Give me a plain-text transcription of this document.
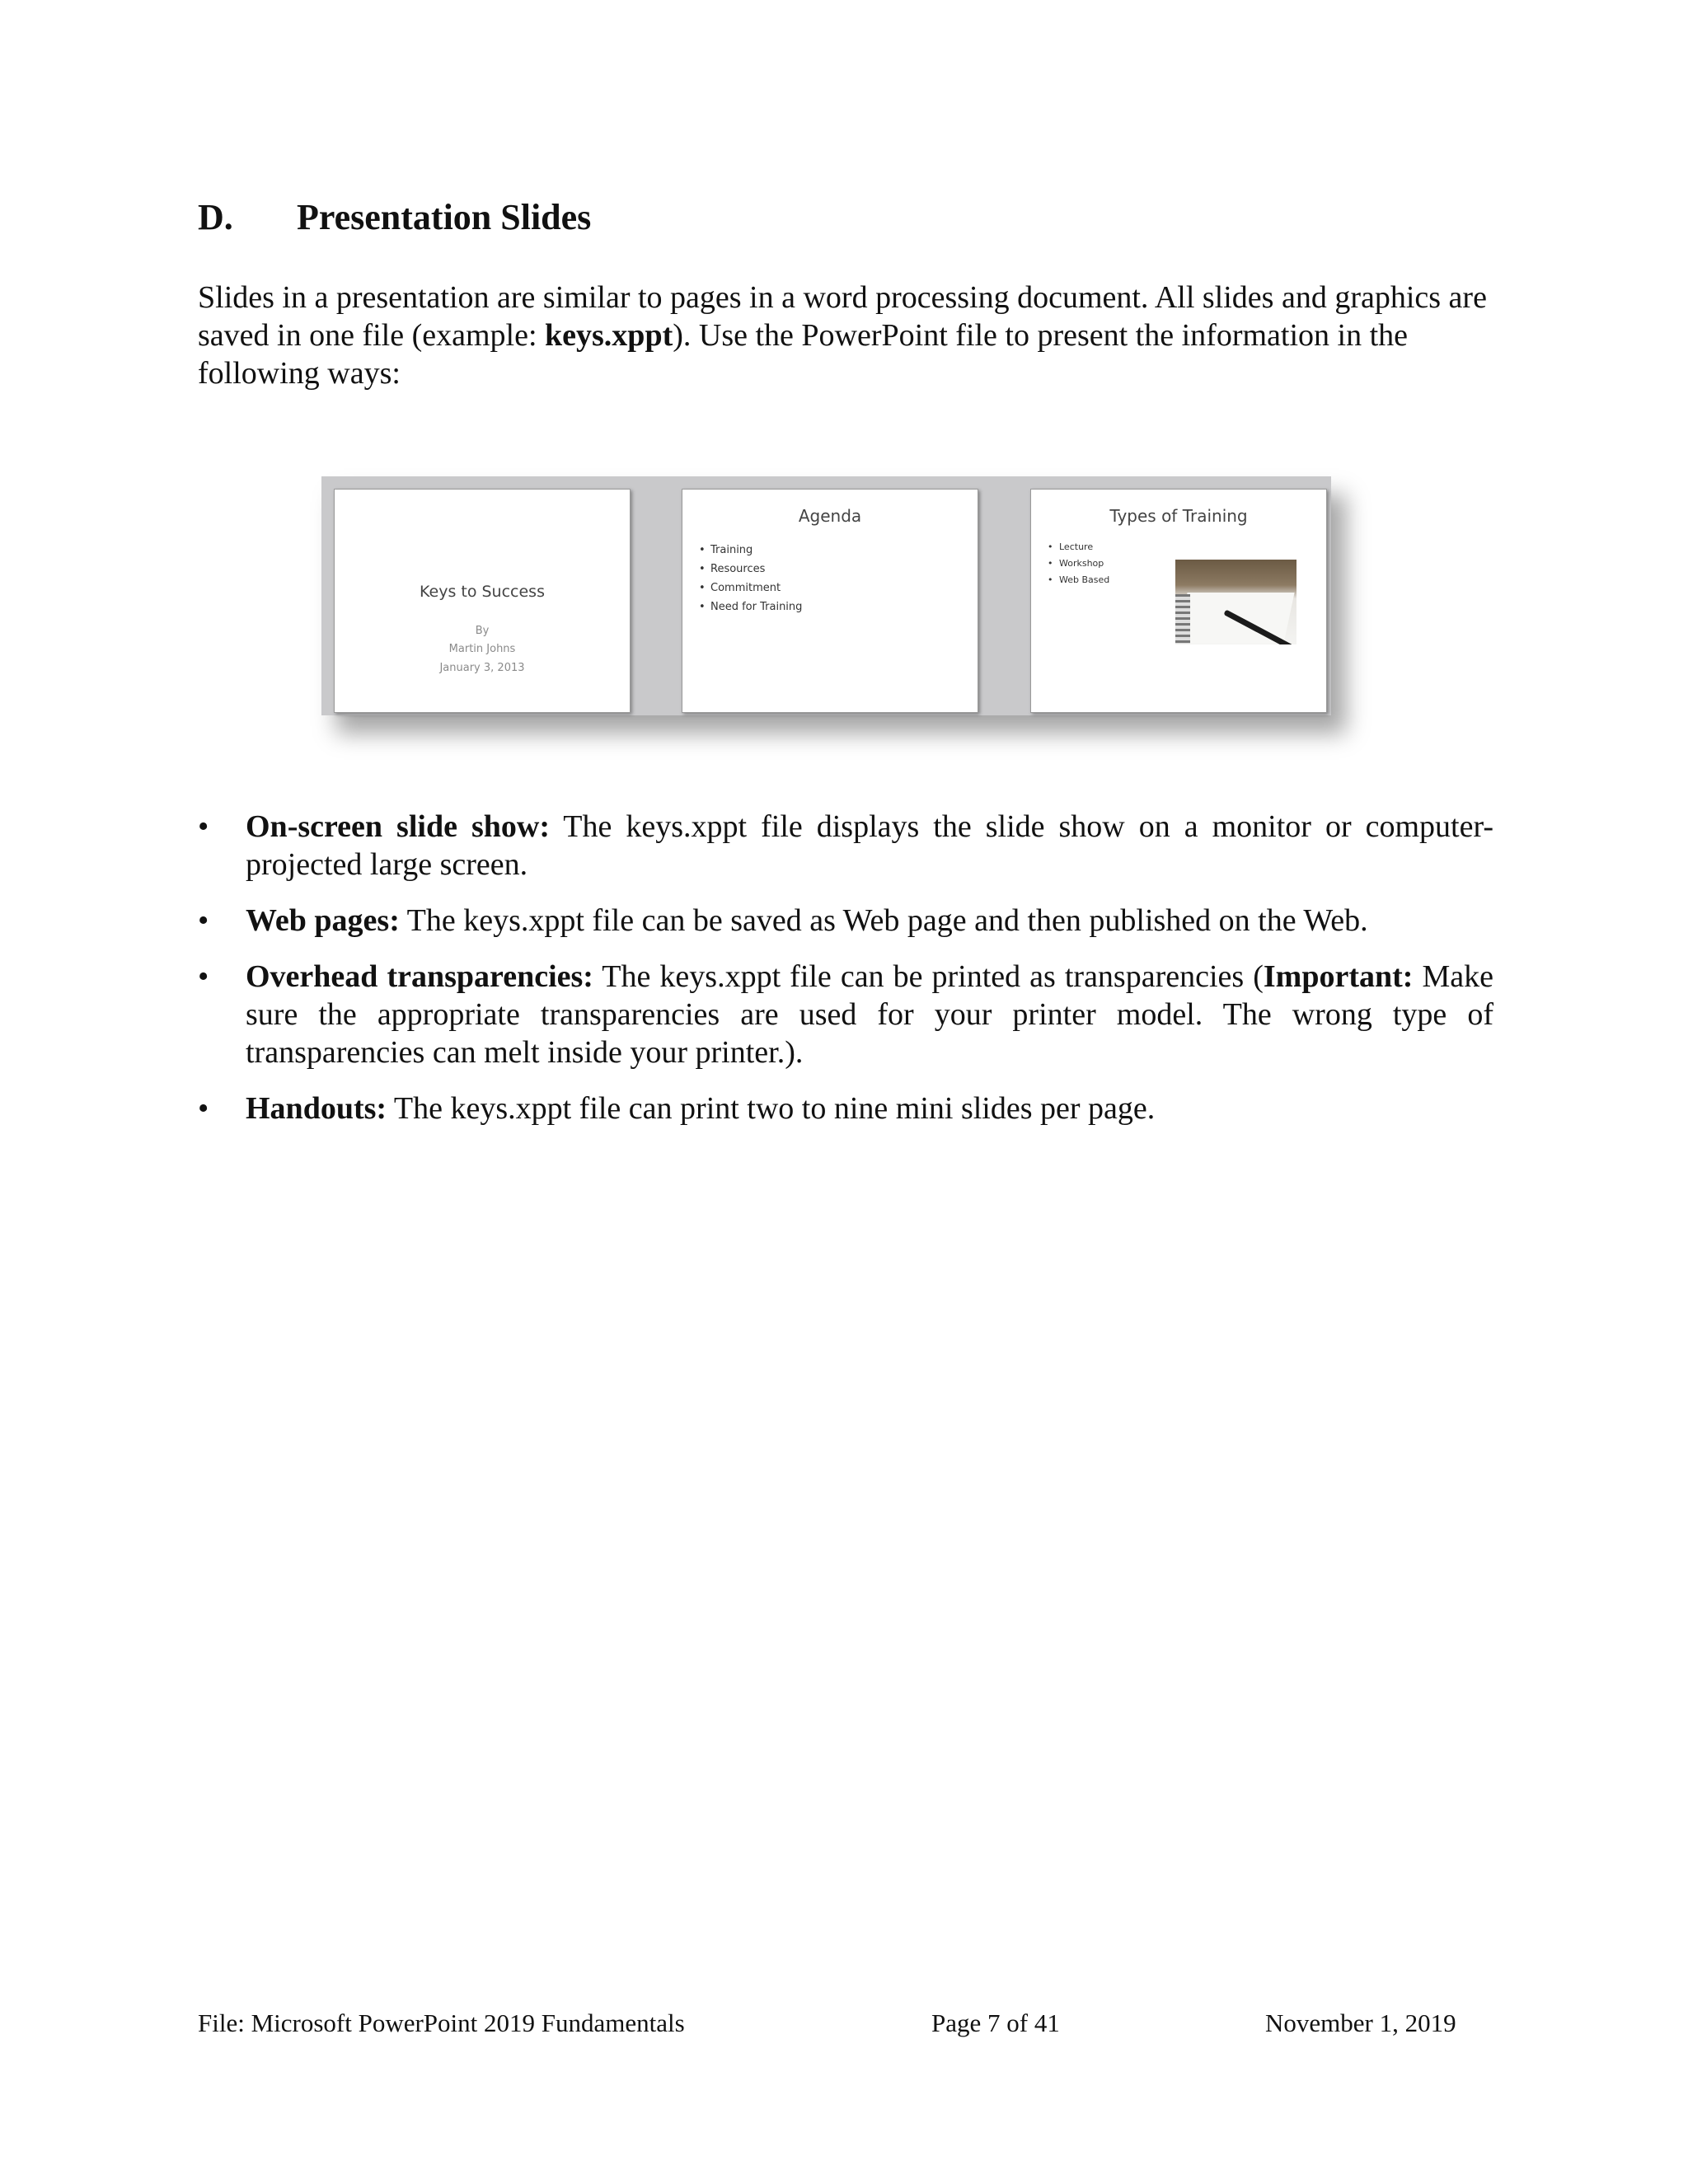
D. Presentation Slides

Slides in a presentation are similar to pages in a word processing document. All slides and graphics are saved in one file (example: keys.xppt). Use the PowerPoint file to present the information in the following ways:

Keys to Success
By
Martin Johns
January 3, 2013
Agenda
• Training
• Resources
• Commitment
• Need for Training
Types of Training
• Lecture
• Workshop
• Web Based
• On-screen slide show: The keys.xppt file displays the slide show on a monitor or computer-projected large screen.
• Web pages: The keys.xppt file can be saved as Web page and then published on the Web.
• Overhead transparencies: The keys.xppt file can be printed as transparencies (Important: Make sure the appropriate transparencies are used for your printer model. The wrong type of transparencies can melt inside your printer.).
• Handouts: The keys.xppt file can print two to nine mini slides per page.
File: Microsoft PowerPoint 2019 Fundamentals	Page 7 of 41	November 1, 2019
